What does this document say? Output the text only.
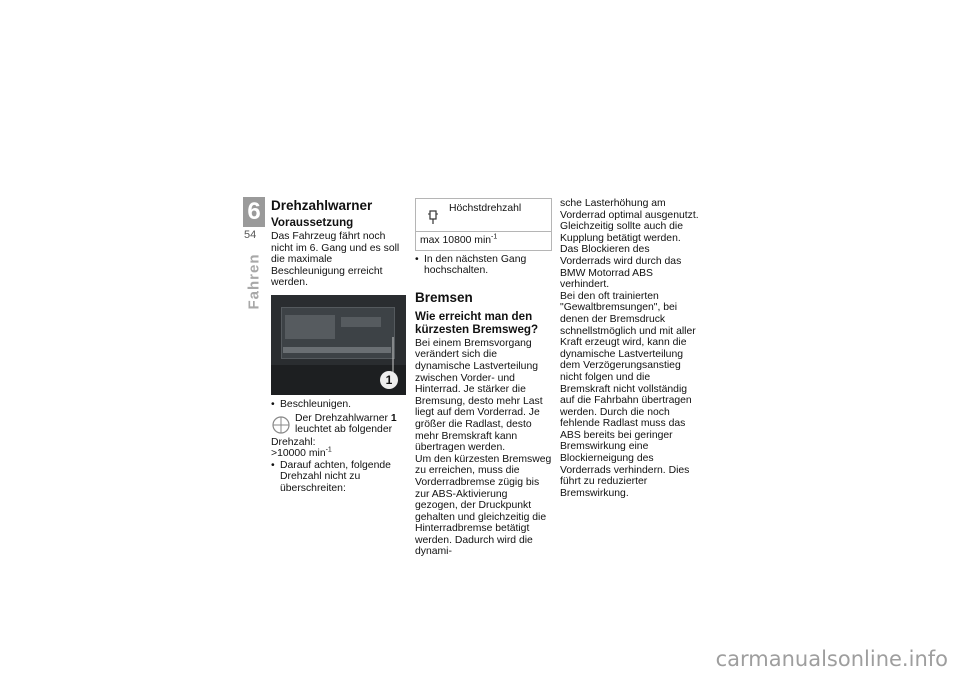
6
54
Fahren
Drehzahlwarner
Voraussetzung

Das Fahrzeug fährt noch nicht im 6. Gang und es soll die maximale Beschleunigung erreicht werden.

1

• Beschleunigen.

Der Drehzahlwarner 1 leuchtet ab folgender

Drehzahl:

>10000 $\min^{-1}$

• Darauf achten, folgende Drehzahl nicht zu überschreiten:

Höchstdrehzahl
max 10800 $\min^{-1}$

• In den nächsten Gang hochschalten.

Bremsen
Wie erreicht man den kürzesten Bremsweg?

Bei einem Bremsvorgang verändert sich die dynamische Lastverteilung zwischen Vorder- und Hinterrad. Je stärker die Bremsung, desto mehr Last liegt auf dem Vorderrad. Je größer die Radlast, desto mehr Bremskraft kann übertragen werden.

Um den kürzesten Bremsweg zu erreichen, muss die Vorderradbremse zügig bis zur ABS-Aktivierung gezogen, der Druckpunkt gehalten und gleichzeitig die Hinterradbremse betätigt werden. Dadurch wird die dynami-

sche Lasterhöhung am Vorderrad optimal ausgenutzt. Gleichzeitig sollte auch die Kupplung betätigt werden.

Das Blockieren des Vorderrads wird durch das BMW Motorrad ABS verhindert.

Bei den oft trainierten "Gewaltbremsungen", bei denen der Bremsdruck schnellstmöglich und mit aller Kraft erzeugt wird, kann die dynamische Lastverteilung dem Verzögerungsanstieg nicht folgen und die Bremskraft nicht vollständig auf die Fahrbahn übertragen werden. Durch die noch fehlende Radlast muss das ABS bereits bei geringer Bremswirkung eine Blockierneigung des Vorderrads verhindern. Dies führt zu reduzierter Bremswirkung.

carmanualsonline.info
